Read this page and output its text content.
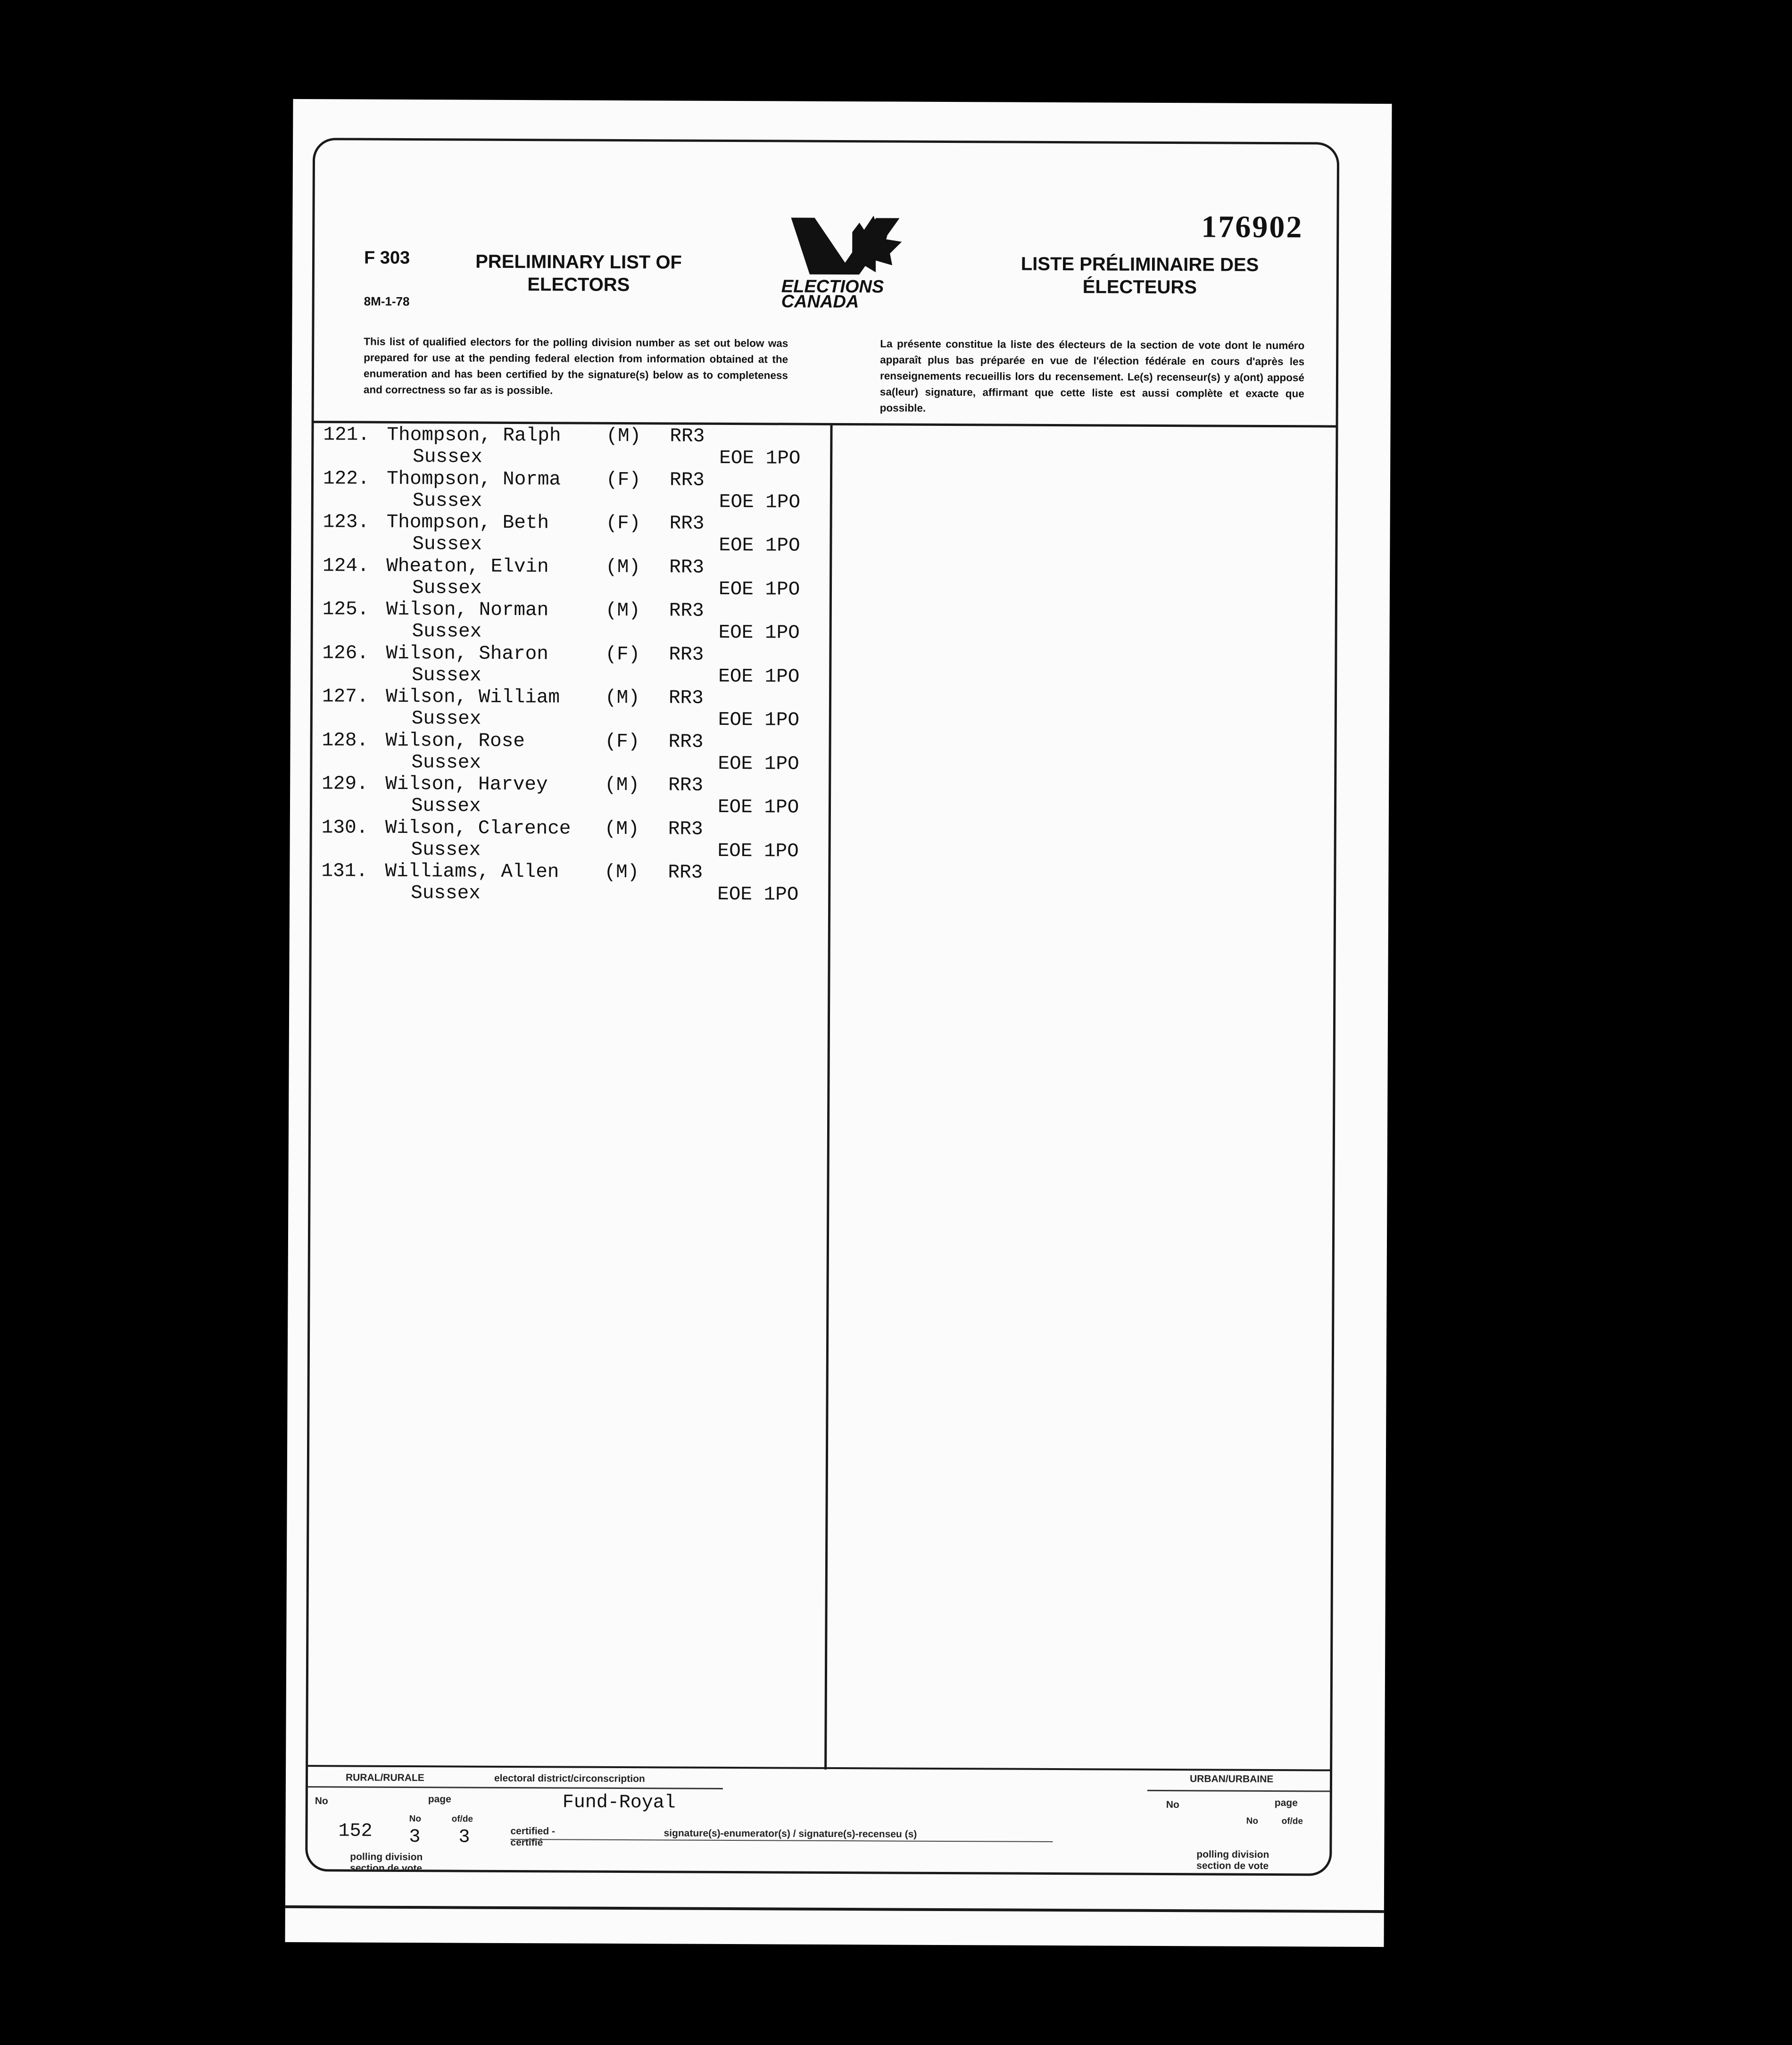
F 303
8M-1-78
PRELIMINARY LIST OF
ELECTORS	ELECTIONS
CANADA
LISTE PRÉLIMINAIRE DES
ÉLECTEURS
176902
This list of qualified electors for the polling division number as set out below was prepared for use at the pending federal election from information obtained at the enumeration and has been certified by the signature(s) below as to completeness and correctness so far as is possible.
La présente constitue la liste des électeurs de la section de vote dont le numéro apparaît plus bas préparée en vue de l'élection fédérale en cours d'après les renseignements recueillis lors du recensement. Le(s) recenseur(s) y a(ont) apposé sa(leur) signature, affirmant que cette liste est aussi complète et exacte que possible.
121. Thompson, Ralph (M) RR3
Sussex	EOE 1PO
122. Thompson, Norma (F) RR3
Sussex	EOE 1PO
123. Thompson, Beth	(F) RR3
Sussex	EOE 1PO
124. Wheaton, Elvin	(M) RR3
Sussex	EOE 1PO
125. Wilson, Norman	(M) RR3
Sussex	EOE 1PO
126. Wilson, Sharon	(F) RR3
Sussex	EOE 1PO
127. Wilson, William (M) RR3
Sussex	EOE 1PO
128. Wilson, Rose	(F) RR3
Sussex	EOE 1PO
129. Wilson, Harvey	(M) RR3
Sussex	EOE 1PO
130. Wilson, Clarence (M) RR3
Sussex	EOE 1PO
131. Williams, Allen (M) RR3
Sussex	EOE 1PO
RURAL/RURALE	electoral district/circonscription	URBAN/URBAINE
No	page
No	page
Fund-Royal
No	of/de	No	of/de
152 3 3	certified -
certifié
signature(s)-enumerator(s) / signature(s)-recenseu (s)
polling division
section de vote
polling division
section de vote
